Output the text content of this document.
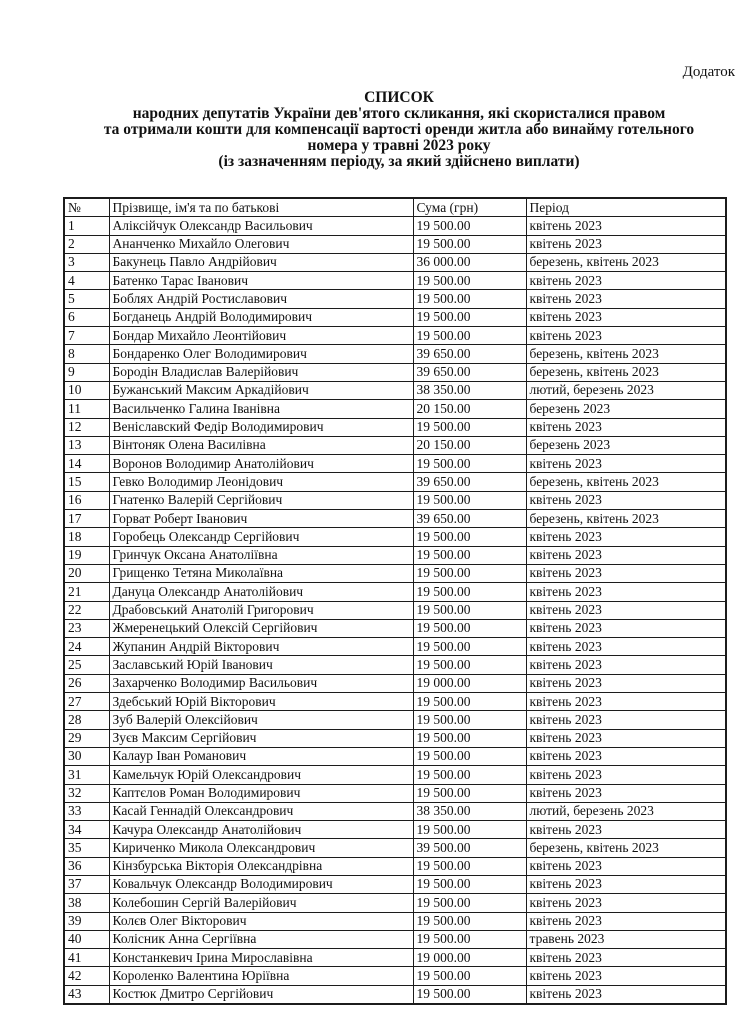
Додаток
СПИСОК
народних депутатів України дев'ятого скликання, які скористалися правом
та отримали кошти для компенсації вартості оренди житла або винайму готельного
номера у травні 2023 року
(із зазначенням періоду, за який здійснено виплати)
№	Прізвище, ім'я та по батькові	Сума (грн)	Період
1	Аліксійчук Олександр Васильович	19 500.00	квітень 2023
2	Ананченко Михайло Олегович	19 500.00	квітень 2023
3	Бакунець Павло Андрійович	36 000.00	березень, квітень 2023
4	Батенко Тарас Іванович	19 500.00	квітень 2023
5	Боблях Андрій Ростиславович	19 500.00	квітень 2023
6	Богданець Андрій Володимирович	19 500.00	квітень 2023
7	Бондар Михайло Леонтійович	19 500.00	квітень 2023
8	Бондаренко Олег Володимирович	39 650.00	березень, квітень 2023
9	Бородін Владислав Валерійович	39 650.00	березень, квітень 2023
10	Бужанський Максим Аркадійович	38 350.00	лютий, березень 2023
11	Васильченко Галина Іванівна	20 150.00	березень 2023
12	Веніславский Федір Володимирович	19 500.00	квітень 2023
13	Вінтоняк Олена Василівна	20 150.00	березень 2023
14	Воронов Володимир Анатолійович	19 500.00	квітень 2023
15	Гевко Володимир Леонідович	39 650.00	березень, квітень 2023
16	Гнатенко Валерій Сергійович	19 500.00	квітень 2023
17	Горват Роберт Іванович	39 650.00	березень, квітень 2023
18	Горобець Олександр Сергійович	19 500.00	квітень 2023
19	Гринчук Оксана Анатоліївна	19 500.00	квітень 2023
20	Грищенко Тетяна Миколаївна	19 500.00	квітень 2023
21	Дануца Олександр Анатолійович	19 500.00	квітень 2023
22	Драбовський Анатолій Григорович	19 500.00	квітень 2023
23	Жмеренецький Олексій Сергійович	19 500.00	квітень 2023
24	Жупанин Андрій Вікторович	19 500.00	квітень 2023
25	Заславський Юрій Іванович	19 500.00	квітень 2023
26	Захарченко Володимир Васильович	19 000.00	квітень 2023
27	Здебський Юрій Вікторович	19 500.00	квітень 2023
28	Зуб Валерій Олексійович	19 500.00	квітень 2023
29	Зуєв Максим Сергійович	19 500.00	квітень 2023
30	Калаур Іван Романович	19 500.00	квітень 2023
31	Камельчук Юрій Олександрович	19 500.00	квітень 2023
32	Каптєлов Роман Володимирович	19 500.00	квітень 2023
33	Касай Геннадій Олександрович	38 350.00	лютий, березень 2023
34	Качура Олександр Анатолійович	19 500.00	квітень 2023
35	Кириченко Микола Олександрович	39 500.00	березень, квітень 2023
36	Кінзбурська Вікторія Олександрівна	19 500.00	квітень 2023
37	Ковальчук Олександр Володимирович	19 500.00	квітень 2023
38	Колебошин Сергій Валерійович	19 500.00	квітень 2023
39	Колєв Олег Вікторович	19 500.00	квітень 2023
40	Колісник Анна Сергіївна	19 500.00	травень 2023
41	Констанкевич Ірина Мирославівна	19 000.00	квітень 2023
42	Короленко Валентина Юріївна	19 500.00	квітень 2023
43	Костюк Дмитро Сергійович	19 500.00	квітень 2023
